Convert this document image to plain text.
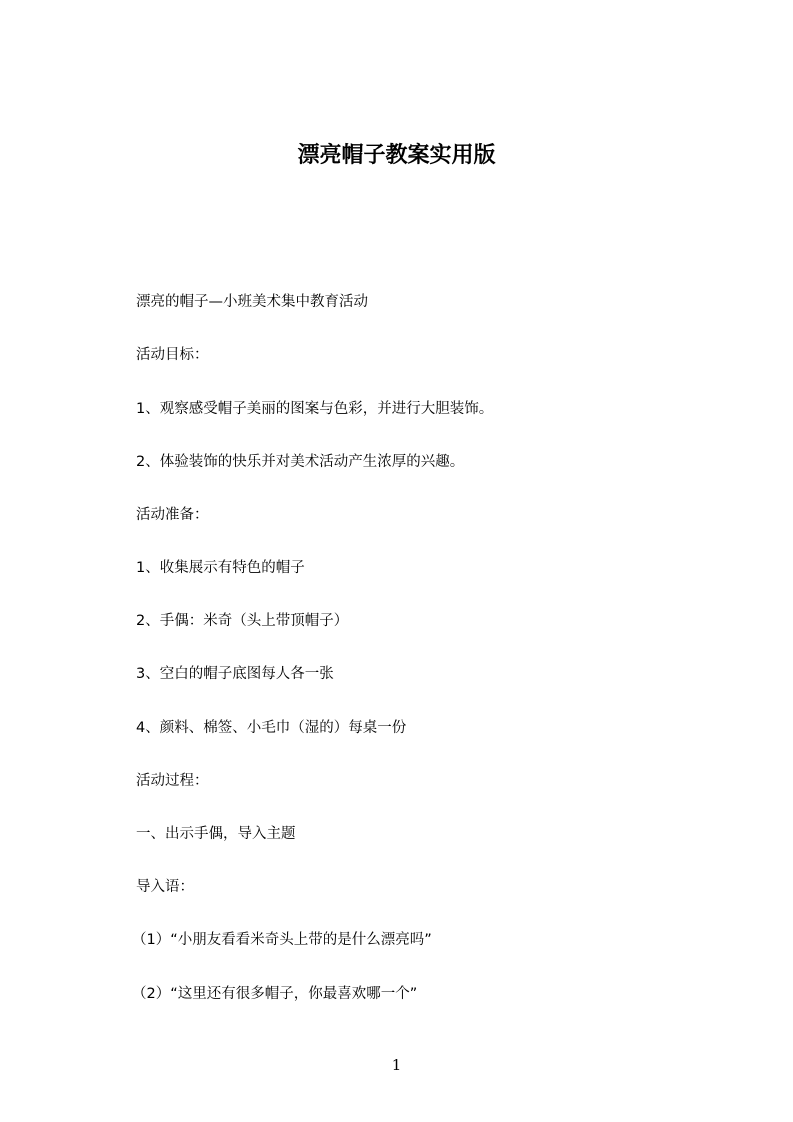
漂亮帽子教案实用版
漂亮的帽子—小班美术集中教育活动
活动目标：
1、观察感受帽子美丽的图案与色彩，并进行大胆装饰。
2、体验装饰的快乐并对美术活动产生浓厚的兴趣。
活动准备：
1、收集展示有特色的帽子
2、手偶：米奇（头上带顶帽子）
3、空白的帽子底图每人各一张
4、颜料、棉签、小毛巾（湿的）每桌一份
活动过程：
一、出示手偶，导入主题
导入语：
（1）“小朋友看看米奇头上带的是什么漂亮吗”
（2）“这里还有很多帽子，你最喜欢哪一个”
1
